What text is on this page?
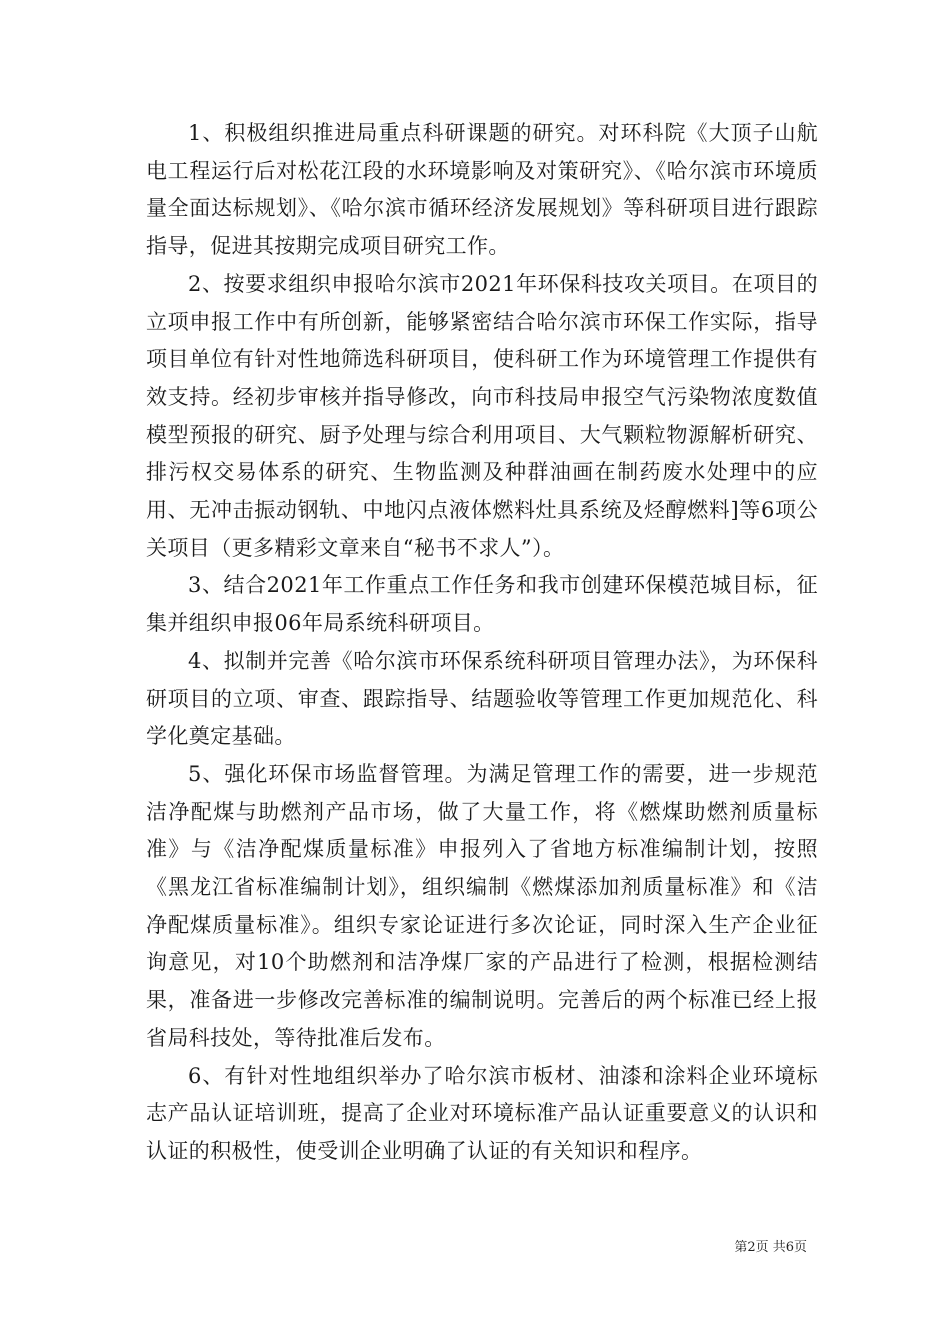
1、积极组织推进局重点科研课题的研究。对环科院《大顶子山航电工程运行后对松花江段的水环境影响及对策研究》、《哈尔滨市环境质量全面达标规划》、《哈尔滨市循环经济发展规划》等科研项目进行跟踪指导，促进其按期完成项目研究工作。

2、按要求组织申报哈尔滨市2021年环保科技攻关项目。在项目的立项申报工作中有所创新，能够紧密结合哈尔滨市环保工作实际，指导项目单位有针对性地筛选科研项目，使科研工作为环境管理工作提供有效支持。经初步审核并指导修改，向市科技局申报空气污染物浓度数值模型预报的研究、厨予处理与综合利用项目、大气颗粒物源解析研究、排污权交易体系的研究、生物监测及种群油画在制药废水处理中的应用、无冲击振动钢轨、中地闪点液体燃料灶具系统及烃醇燃料]等6项公关项目（更多精彩文章来自“秘书不求人”）。

3、结合2021年工作重点工作任务和我市创建环保模范城目标，征集并组织申报06年局系统科研项目。

4、拟制并完善《哈尔滨市环保系统科研项目管理办法》，为环保科研项目的立项、审查、跟踪指导、结题验收等管理工作更加规范化、科学化奠定基础。

5、强化环保市场监督管理。为满足管理工作的需要，进一步规范洁净配煤与助燃剂产品市场，做了大量工作，将《燃煤助燃剂质量标准》与《洁净配煤质量标准》申报列入了省地方标准编制计划，按照《黑龙江省标准编制计划》，组织编制《燃煤添加剂质量标准》和《洁净配煤质量标准》。组织专家论证进行多次论证，同时深入生产企业征询意见，对10个助燃剂和洁净煤厂家的产品进行了检测，根据检测结果，准备进一步修改完善标准的编制说明。完善后的两个标准已经上报省局科技处，等待批准后发布。

6、有针对性地组织举办了哈尔滨市板材、油漆和涂料企业环境标志产品认证培训班，提高了企业对环境标准产品认证重要意义的认识和认证的积极性，使受训企业明确了认证的有关知识和程序。

第2页 共6页
